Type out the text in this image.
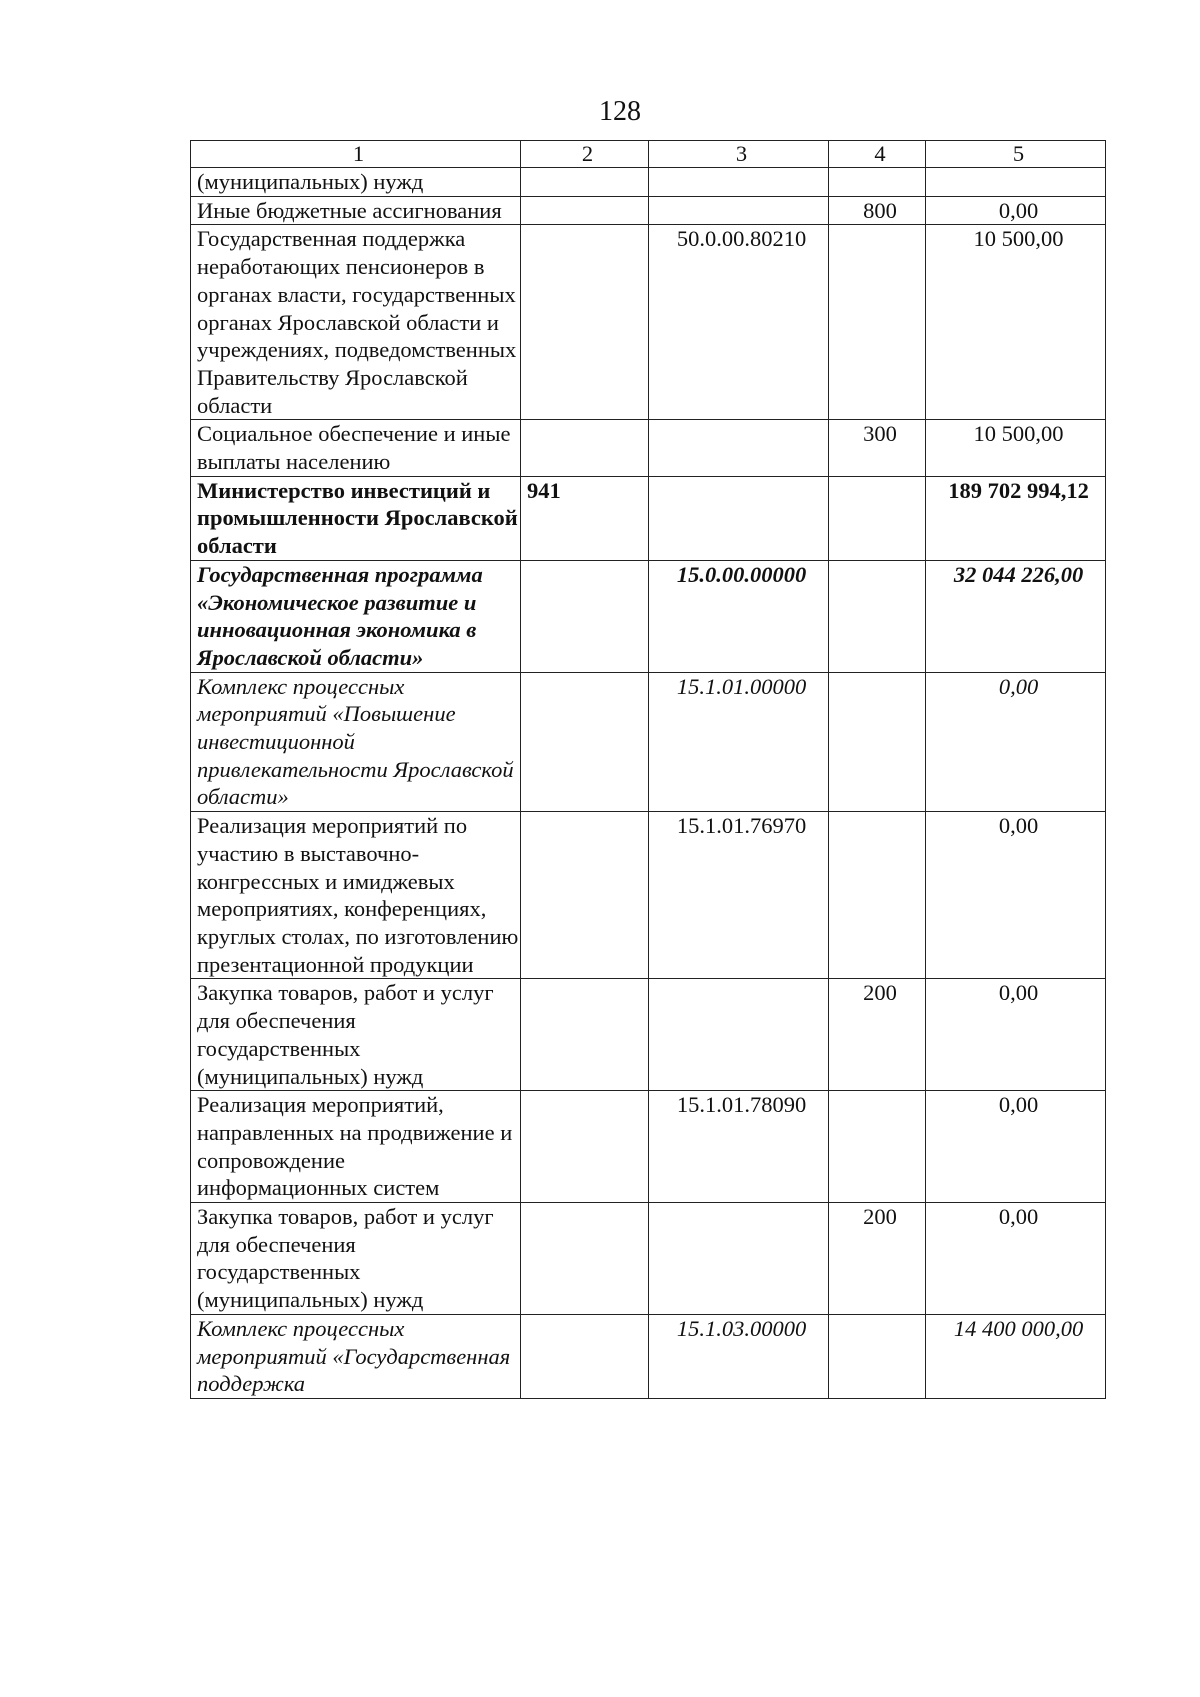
128
1	2	3	4	5
(муниципальных) нужд				
Иные бюджетные ассигнования			800	0,00
Государственная поддержка неработающих пенсионеров в органах власти, государственных органах Ярославской области и учреждениях, подведомственных Правительству Ярославской области		50.0.00.80210		10 500,00
Социальное обеспечение и иные выплаты населению			300	10 500,00
Министерство инвестиций и промышленности Ярославской области	941			189 702 994,12
Государственная программа «Экономическое развитие и инновационная экономика в Ярославской области»		15.0.00.00000		32 044 226,00
Комплекс процессных мероприятий «Повышение инвестиционной привлекательности Ярославской области»		15.1.01.00000		0,00
Реализация мероприятий по участию в выставочно-конгрессных и имиджевых мероприятиях, конференциях, круглых столах, по изготовлению презентационной продукции		15.1.01.76970		0,00
Закупка товаров, работ и услуг для обеспечения государственных (муниципальных) нужд			200	0,00
Реализация мероприятий, направленных на продвижение и сопровождение информационных систем		15.1.01.78090		0,00
Закупка товаров, работ и услуг для обеспечения государственных (муниципальных) нужд			200	0,00
Комплекс процессных мероприятий «Государственная поддержка		15.1.03.00000		14 400 000,00
